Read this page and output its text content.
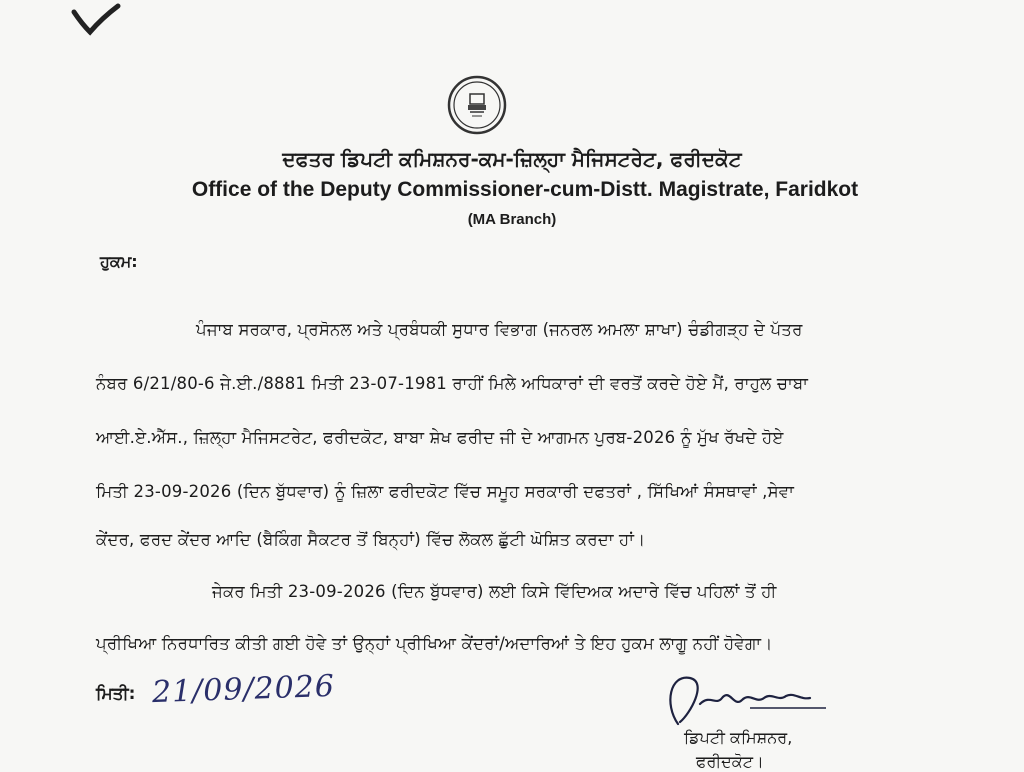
ਦਫਤਰ ਡਿਪਟੀ ਕਮਿਸ਼ਨਰ-ਕਮ-ਜ਼ਿਲ੍ਹਾ ਮੈਜਿਸਟਰੇਟ, ਫਰੀਦਕੋਟ
Office of the Deputy Commissioner-cum-Distt. Magistrate, Faridkot
(MA Branch)
ਹੁਕਮ:
ਪੰਜਾਬ ਸਰਕਾਰ, ਪ੍ਰਸੋਨਲ ਅਤੇ ਪ੍ਰਬੰਧਕੀ ਸੁਧਾਰ ਵਿਭਾਗ (ਜਨਰਲ ਅਮਲਾ ਸ਼ਾਖਾ) ਚੰਡੀਗੜ੍ਹ ਦੇ ਪੱਤਰ
ਨੰਬਰ 6/21/80-6 ਜੇ.ਈ./8881 ਮਿਤੀ 23-07-1981 ਰਾਹੀਂ ਮਿਲੇ ਅਧਿਕਾਰਾਂ ਦੀ ਵਰਤੋਂ ਕਰਦੇ ਹੋਏ ਮੈਂ, ਰਾਹੁਲ ਚਾਬਾ
ਆਈ.ਏ.ਐੱਸ., ਜ਼ਿਲ੍ਹਾ ਮੈਜਿਸਟਰੇਟ, ਫਰੀਦਕੋਟ, ਬਾਬਾ ਸ਼ੇਖ ਫਰੀਦ ਜੀ ਦੇ ਆਗਮਨ ਪੁਰਬ-2026 ਨੂੰ ਮੁੱਖ ਰੱਖਦੇ ਹੋਏ
ਮਿਤੀ 23-09-2026 (ਦਿਨ ਬੁੱਧਵਾਰ) ਨੂੰ ਜ਼ਿਲਾ ਫਰੀਦਕੋਟ ਵਿੱਚ ਸਮੂਹ ਸਰਕਾਰੀ ਦਫਤਰਾਂ , ਸਿੱਖਿਆਂ ਸੰਸਥਾਵਾਂ ,ਸੇਵਾ
ਕੇਂਦਰ, ਫਰਦ ਕੇਂਦਰ ਆਦਿ (ਬੈਕਿੰਗ ਸੈਕਟਰ ਤੋਂ ਬਿਨ੍ਹਾਂ) ਵਿੱਚ ਲੋਕਲ ਛੁੱਟੀ ਘੋਸ਼ਿਤ ਕਰਦਾ ਹਾਂ।
ਜੇਕਰ ਮਿਤੀ 23-09-2026 (ਦਿਨ ਬੁੱਧਵਾਰ) ਲਈ ਕਿਸੇ ਵਿੱਦਿਅਕ ਅਦਾਰੇ ਵਿੱਚ ਪਹਿਲਾਂ ਤੋਂ ਹੀ
ਪ੍ਰੀਖਿਆ ਨਿਰਧਾਰਿਤ ਕੀਤੀ ਗਈ ਹੋਵੇ ਤਾਂ ਉਨ੍ਹਾਂ ਪ੍ਰੀਖਿਆ ਕੇਂਦਰਾਂ/ਅਦਾਰਿਆਂ ਤੇ ਇਹ ਹੁਕਮ ਲਾਗੂ ਨਹੀਂ ਹੋਵੇਗਾ।
ਮਿਤੀ: 21/09/2026
ਡਿਪਟੀ ਕਮਿਸ਼ਨਰ,
ਫਰੀਦਕੋਟ।
